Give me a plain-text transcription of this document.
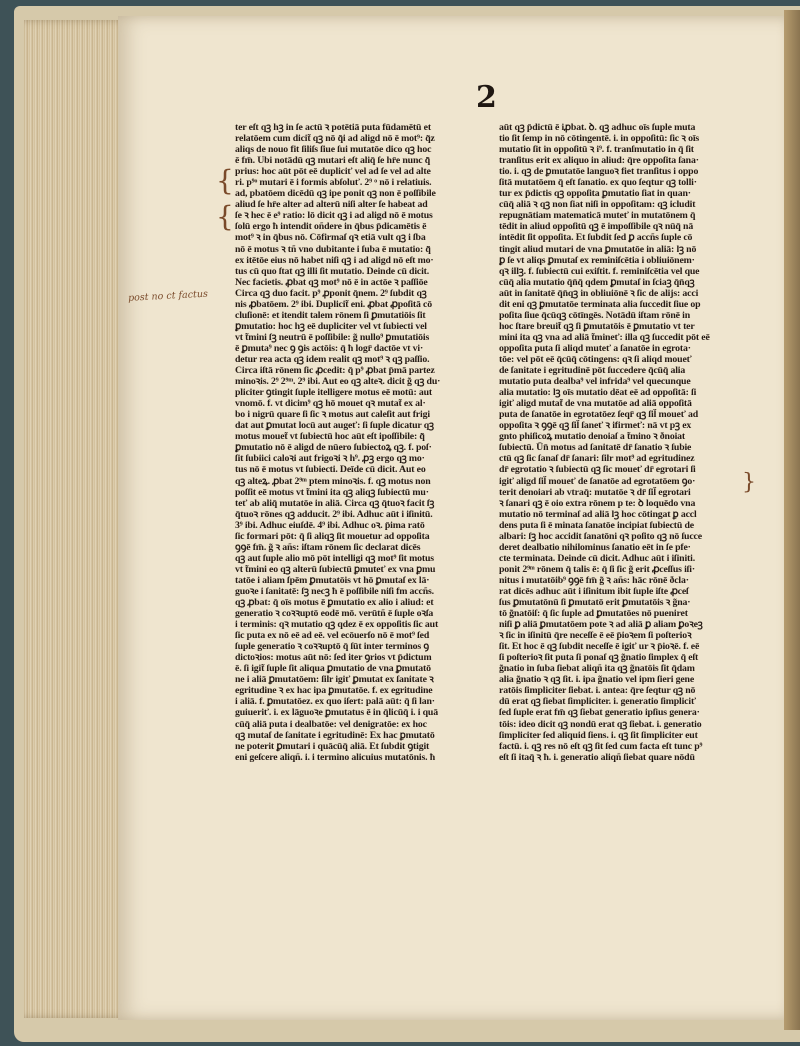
2
post no ct factus
{
{
}
ter eſt qꝫ hꝫ in ſe actū ꝛ potētiā puta fūdamētū et
relatōem cum dicit̃ qꝫ nō q̃i ad aligd nō ē mot⁹: q̃z
aliqs de nouo fit ſiliſs ſiue ſui mutatōe dico qꝫ hoc
ē fm̄. Ubi notādū qꝫ mutari eſt aliq̄ ſe hr̄e nunc q̄̃
prius: hoc aūt pōt eē dupliciť vel ad ſe vel ad alte
ri. p⁹ᵒ mutari ē i formis abſoluť. 2⁹ ᵒ nō i relatiuis.
ad, pbatōem dicēdū qꝫ ipe ponit qꝫ non ē poſſibile
aliud ſe hr̄e alter ad alterū niſi alter ſe habeat ad
ſe ꝛ hec ē e⁹ ratio: lō dicit qꝫ i ad aligd nō ē motus
ſolū ergo ħ intendit oñdere in q̄bus p̄dicamētis ē
mot⁹ ꝛ in q̄bus nō. Cōfirmaſ qꝛ etiā vult qꝫ i ſba
nō ē motus ꝛ tñ vno dubitante i ſuba ē mutatio: q̄̃
ex itētōe eius nō habet niſi qꝫ i ad aligd nō eſt mo·
tus cū quo ſtat qꝫ illi ſit mutatio. Deinde cū dicit.
Nec facietis. ꝓbat qꝫ mot⁹ nō ē in actōe ꝛ paſſiōe
Circa qꝫ duo facit. p⁹ ꝓponit q̄nem. 2⁹ ſubdit qꝫ
nis ꝓbatōem. 2⁹ ibi. Duplicit̃ eni. ꝓbat ꝓpoſitā cō
cluſionē: et itendit talem rōnem ſi ꝑmutatiōis ſit
ꝑmutatio: hoc hꝫ eē dupliciter vel vt ſubiecti vel
vt t̃mini ſꝫ neutrū ē poſſibile: g̃ nullo⁹ ꝑmutatiōis
ē ꝑmuta⁹ nec ꝯ ꝯis actōis: q̄ ħ logr̄ dactōe vt vi·
detur rea acta qꝫ idem realit qꝫ mot⁹ ꝛ qꝫ paſſio.
Circa iſtā rōnem ſic ꝓcedit: q̄ p⁹ ꝓbat p̄mā partez
minoꝛis. 2⁹ 2⁹ᵐ. 2⁹ ibi. Aut eo qꝫ alteꝛ. dicit g̃ qꝫ du·
pliciter ꝯtingit ſuple itelligere motus eē motū: aut
vnomō. f. vt dicim⁹ qꝫ hō mouet qꝛ mutat̃ ex al·
bo i nigrū quare ſi ſic ꝛ motus aut caleſit aut frigi
dat aut ꝑmutat locū aut augeť: ſi ſuple dicatur qꝫ
motus mouet̃ vt ſubiectū hoc aūt eſt ipoſſibile: q̄̃
ꝑmutatio nō ē aligd de nūero ſubiectoꝝ qꝫ. f. poſ·
ſit ſubiici caloꝛi aut frigoꝛi ꝛ h⁹. ꝓꝫ ergo qꝫ mo·
tus nō ē motus vt ſubiecti. Deīde cū dicit. Aut eo
qꝫ alteꝝ. ꝓbat 2⁹ᵐ ptem minoꝛis. f. qꝫ motus non
poſſit eē motus vt t̃mini ita qꝫ aliqꝫ ſubiectū mu·
teť ab aliq̄ mutatōe in aliā. Circa qꝫ q̄tuoꝛ facit ſꝫ
q̄tuoꝛ rōnes qꝫ adducit. 2⁹ ibi. Adhuc aūt i iſinitū.
3⁹ ibi. Adhuc eiuſdē. 4⁹ ibi. Adhuc oꝛ. p̄ima ratō
ſic formari pōt: q̄ ſi aliqꝫ ſit mouetur ad oppoſita
ꝯꝯē fm̄. g̃ ꝛ añs: iſtam rōnem ſic declarat dicēs
qꝫ aut ſuple alio mō pōt intelligi qꝫ mot⁹ ſit motus
vt t̃mini eo qꝫ alterū ſubiectū ꝑmuteť ex vna ꝑmu
tatōe i aliam ſpēm ꝑmutatōis vt hō ꝑmutaſ ex lā·
guoꝛe i ſanitatē: ſꝫ necꝫ ħ ē poſſibile niſi fm accñs.
qꝫ ꝓbat: q̄ oīs motus ē ꝑmutatio ex alio i aliud: et
generatio ꝛ coꝛꝛuptō eodē mō. verūtñ ē ſuple oꝛſa
i terminis: qꝛ mutatio qꝫ qdez ē ex oppoſitis ſic aut
ſic puta ex nō eē ad eē. vel ecōuerſo nō ē mot⁹ ſed
ſuple generatio ꝛ coꝛꝛuptō q̄ ſūt inter terminos ꝯ
dictoꝛios: motus aūt nō: ſed iter ꝯrios vt p̄dictum
ē. ſi igit̃ ſuple ſit aliqua ꝑmutatio de vna ꝑmutatō
ne i aliā ꝑmutatōem: ſilr igiť ꝑmutat ex ſanitate ꝛ
egritudine ꝛ ex hac ipa ꝑmutatōe. f. ex egritudine
i aliā. f. ꝑmutatōez. ex quo iſert: palā aūt: q̄ ſi lan·
guiueriť. i. ex lāguoꝛe ꝑmutatus ē in q̄licūq̄ i. i quā
cūq̄ aliā puta i dealbatōe: vel denigratōe: ex hoc
qꝫ mutaſ de ſanitate i egritudinē: Ex hac ꝑmutatō
ne poterit ꝑmutari i quācūq̄ aliā. Et ſubdit ꝯtigit
eni geſcere aliqñ. i. i termino alicuius mutatōnis. ħ
aūt qꝫ p̄dictū ē iꝓbat. ꝺ. qꝫ adhuc oīs ſuple muta
tio ſit ſemp in nō cōtingentē. i. in oppoſitū: ſic ꝛ oīs
mutatio ſit in oppoſitū ꝛ i⁹. f. tranſmutatio in q̄ ſit
tranſitus erit ex aliquo in aliud: q̄re oppoſita ſana·
tio. i. qꝫ de ꝑmutatōe languoꝛ fiet tranſitus i oppo
ſitā mutatōem q̄ eſt ſanatio. ex quo ſeqtur qꝫ tolli·
tur ex p̄dictis qꝫ oppoſita ꝑmutatio ſiat in quan·
cūq̄ aliā ꝛ qꝫ non ſiat niſi in oppoſitam: qꝫ icludit
repugnātiam matematicā muteť in mutatōnem q̄
tēdit in aliud oppoſitū qꝫ ē impoſſibile qꝛ nūq̄ nā
intēdit ſit oppoſita. Et ſubdit ſed ꝑ accñs ſuple cō
tingit aliud mutari de vna ꝑmutatōe in aliā: lꝫ nō
ꝑ ſe vt aliqs ꝑmutaſ ex reminiſcētia i obliuiōnem·
qꝛ illꝫ. f. ſubiectū cui exiſtit. f. reminiſcētia vel que
cūq̄ alia mutatio q̄n̄q̄ qdem ꝑmutaſ in ſciaꝫ q̄n̄qꝫ
aūt in ſanitatē q̄n̄qꝫ in obliuiōnē ꝛ ſic de alijs: acci
dit eni qꝫ ꝑmutatōe terminata alia ſuccedit ſiue op
poſita ſiue q̄cūqꝫ cōtīngēs. Notādū iſtam rōnē in
hoc ſtare breuit̃ qꝫ ſi ꝑmutatōis ē ꝑmutatio vt ter
mini ita qꝫ vna ad aliā t̃mineť: illa qꝫ ſuccedit pōt eē
oppoſita puta ſi aliqd muteť a ſanatōe in egrota·
tōe: vel pōt eē q̄cūq̄ cōtingens: qꝛ ſi aliqd moueť
de ſanitate i egritudinē pōt ſuccedere q̄cūq̄ alia
mutatio puta dealba⁹ vel infrida⁹ vel quecunque
alia mutatio: lꝫ oīs mutatio dēat eē ad oppoſitā: ſi
igiť aligd mutat̃ de vna mutatōe ad aliā oppoſitā
puta de ſanatōe in egrotatōez ſeqr̄ qꝫ ſil̃ moueť ad
oppoſita ꝛ ꝯꝯē qꝫ ſil̃ ſaneť ꝛ ifirmeť: nā vt pꝫ ex
gnto phiſicoꝝ mutatio denoiaſ a t̃mino ꝛ ðnoiat
ſubiectū. Ūn̄ motus ad ſanitatē dr̄ ſanatio ꝛ ſubie
ctū qꝫ ſic ſanaſ dr̄ ſanari: ſilr mot⁹ ad egritudinez
dr̄ egrotatio ꝛ ſubiectū qꝫ ſic moueť dr̄ egrotari ſi
igiť aligd ſil̃ moueť de ſanatōe ad egrotatōem ꝯo·
terit denoiari ab vtraq̄: mutatōe ꝛ dr̄ ſil̃ egrotari
ꝛ ſanari qꝫ ē oio extra rōnem p te: ꝺ loquēdo vna
mutatio nō terminaſ ad aliā lꝫ hoc cōtingat ꝑ accl
dens puta ſi ē minata ſanatōe incipiat ſubiectū de
albari: ſꝫ hoc accidit ſanatōni qꝛ poſito qꝫ nō ſucce
deret dealbatio nihilominus ſanatio eēt in ſe pfe·
cte terminata. Deinde cū dicit. Adhuc aūt i iſiniti.
ponit 2⁹ᵐ rōnem q̄ talis ē: q̄ ſi ſic g̃ erit ꝓceſſus iſi·
nitus i mutatōib⁹ ꝯꝯē fm̄ g̃ ꝛ añs: hāc rōnē ðcla·
rat dicēs adhuc aūt i iſinitum ibit ſuple iſte ꝓceſ
ſus ꝑmutatōnū ſi ꝑmutatō erit ꝑmutatōis ꝛ g̃na·
tō g̃natōiſ: q̄ ſic ſuple ad ꝑmutatōes nō pueniret
niſi ꝑ aliā ꝑmutatōem pote ꝛ ad aliā ꝑ aliam ꝑoꝛeꝫ
ꝛ ſic in iſinitū q̄re neceſſe ē eē p̄ioꝛem ſi poſterioꝛ
ſit. Et hoc ē qꝫ ſubdit neceſſe ē igiť ur ꝛ p̄ioꝛē. f. eē
ſi poſterioꝛ ſit puta ſi ponaſ qꝫ g̃natio ſimplex q̄ eſt
g̃natio in ſuba ſiebat aliqñ ita qꝫ g̃natōis ſit q̄dam
alia g̃natio ꝛ qꝫ ſit. i. ipa g̃natio vel ipm ſieri gene
ratōis ſimpliciter ſiebat. i. antea: q̄re ſeqtur qꝫ nō
dū erat qꝫ ſiebat ſimpliciter. i. generatio ſimpliciť
ſed ſuple erat fm̄ qꝫ ſiebat generatio ipſius genera·
tōis: ideo dicit qꝫ nondū erat qꝫ ſiebat. i. generatio
ſimpliciter ſed aliquid ſiens. i. qꝫ ſit ſimpliciter eut
factū. i. qꝫ res nō eſt qꝫ ſit ſed cum facta eſt tunc p⁹
eſt ſi itaq̄ ꝛ ħ. i. generatio aliqñ ſiebat quare nōdū
